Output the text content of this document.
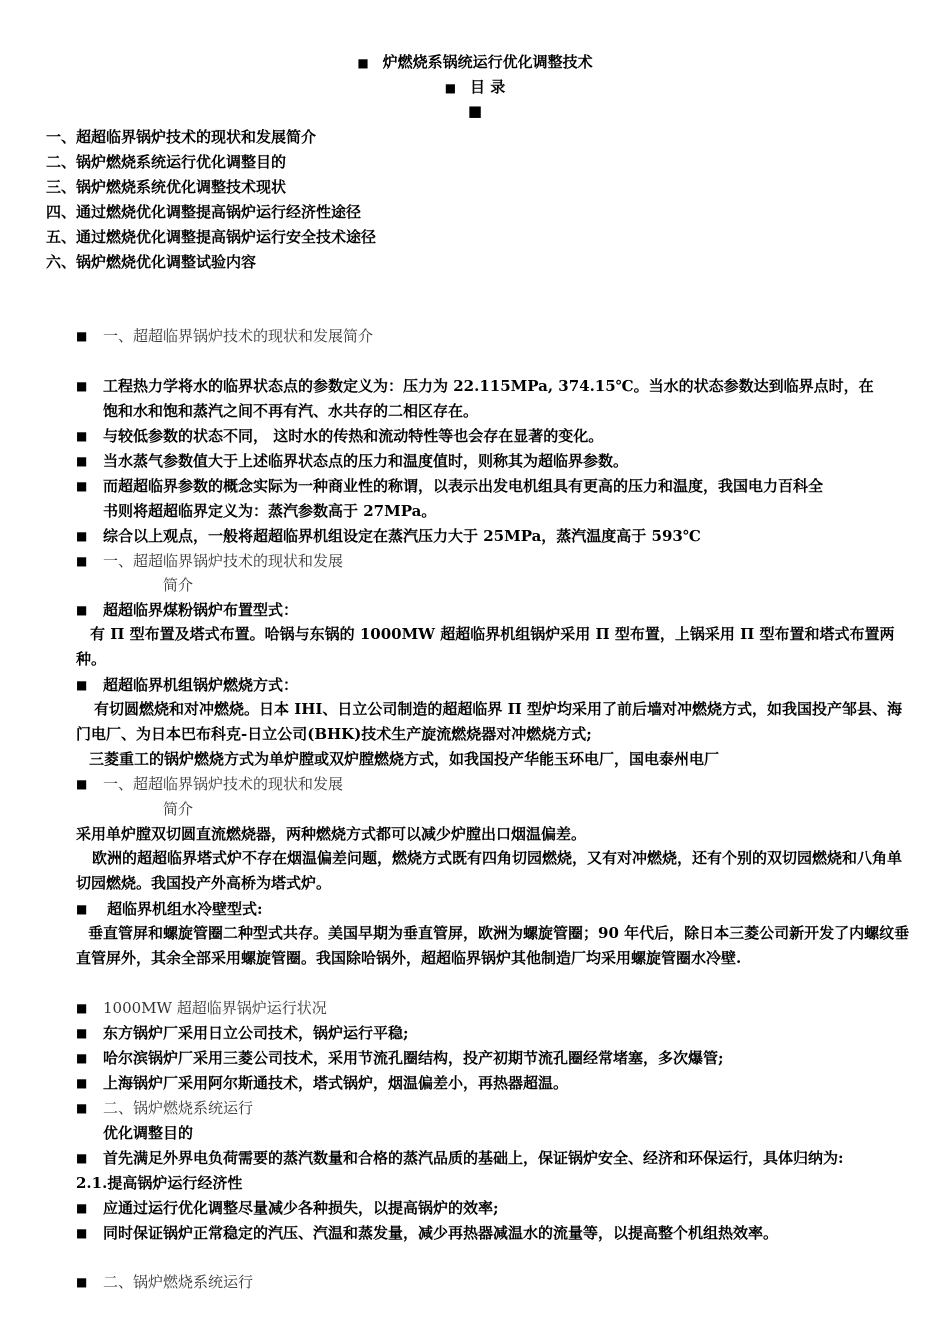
■ 炉燃烧系锅统运行优化调整技术
■ 目 录
■
一、超超临界锅炉技术的现状和发展简介
二、锅炉燃烧系统运行优化调整目的
三、锅炉燃烧系统优化调整技术现状
四、通过燃烧优化调整提高锅炉运行经济性途径
五、通过燃烧优化调整提高锅炉运行安全技术途径
六、锅炉燃烧优化调整试验内容
■ 一、超超临界锅炉技术的现状和发展简介
■ 工程热力学将水的临界状态点的参数定义为：压力为 22.115MPa, 374.15℃。当水的状态参数达到临界点时，在
饱和水和饱和蒸汽之间不再有汽、水共存的二相区存在。
■ 与较低参数的状态不同， 这时水的传热和流动特性等也会存在显著的变化。
■ 当水蒸气参数值大于上述临界状态点的压力和温度值时，则称其为超临界参数。
■ 而超超临界参数的概念实际为一种商业性的称谓，以表示出发电机组具有更高的压力和温度，我国电力百科全
书则将超超临界定义为：蒸汽参数高于 27MPa。
■ 综合以上观点，一般将超超临界机组设定在蒸汽压力大于 25MPa，蒸汽温度高于 593℃
■ 一、超超临界锅炉技术的现状和发展
简介
■ 超超临界煤粉锅炉布置型式：
有 Π 型布置及塔式布置。哈锅与东锅的 1000MW 超超临界机组锅炉采用 Π 型布置，上锅采用 Π 型布置和塔式布置两种。
■ 超超临界机组锅炉燃烧方式：
有切圆燃烧和对冲燃烧。日本 IHI、日立公司制造的超超临界 Π 型炉均采用了前后墙对冲燃烧方式，如我国投产邹县、海门电厂、为日本巴布科克-日立公司(BHK)技术生产旋流燃烧器对冲燃烧方式;
三菱重工的锅炉燃烧方式为单炉膛或双炉膛燃烧方式，如我国投产华能玉环电厂，国电泰州电厂
■ 一、超超临界锅炉技术的现状和发展
简介
采用单炉膛双切圆直流燃烧器，两种燃烧方式都可以减少炉膛出口烟温偏差。
欧洲的超超临界塔式炉不存在烟温偏差问题，燃烧方式既有四角切园燃烧，又有对冲燃烧，还有个别的双切园燃烧和八角单切园燃烧。我国投产外高桥为塔式炉。
■ 超临界机组水冷壁型式:
垂直管屏和螺旋管圈二种型式共存。美国早期为垂直管屏，欧洲为螺旋管圈；90 年代后，除日本三菱公司新开发了内螺纹垂直管屏外，其余全部采用螺旋管圈。我国除哈锅外，超超临界锅炉其他制造厂均采用螺旋管圈水冷壁.
■ 1000MW 超超临界锅炉运行状况
■ 东方锅炉厂采用日立公司技术，锅炉运行平稳;
■ 哈尔滨锅炉厂采用三菱公司技术，采用节流孔圈结构，投产初期节流孔圈经常堵塞，多次爆管;
■ 上海锅炉厂采用阿尔斯通技术，塔式锅炉，烟温偏差小，再热器超温。
■ 二、锅炉燃烧系统运行
优化调整目的
■ 首先满足外界电负荷需要的蒸汽数量和合格的蒸汽品质的基础上，保证锅炉安全、经济和环保运行，具体归纳为:
2.1.提高锅炉运行经济性
■ 应通过运行优化调整尽量减少各种损失，以提高锅炉的效率;
■ 同时保证锅炉正常稳定的汽压、汽温和蒸发量，减少再热器减温水的流量等，以提高整个机组热效率。
■ 二、锅炉燃烧系统运行
